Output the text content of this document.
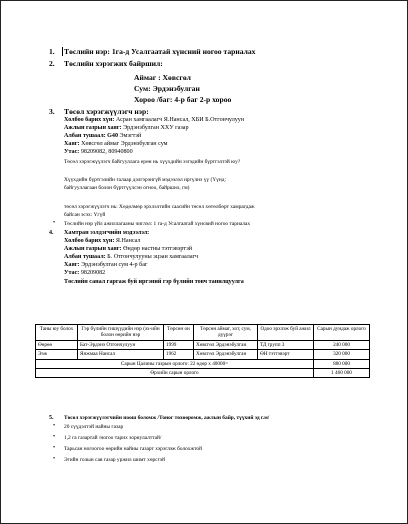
1. Төслийн нэр: 1га-д Усалгаатай хүнсний ногоо тариалах
2. Төслийн хэрэгжих байршил:
Аймаг : Хөвсгөл
Сум: Эрдэнэбулган
Хороо /баг: 4-р баг 2-р хороо
3. Төсөл хэрэгжүүлэгч нэр:
Холбоо барих хүн: Асран хамгаалагч Я.Нансал, ХБИ Б.Отгончулуун
Ажлын газрын хаяг: Эрдэнэбулган ХХУ газар
Албан тушаал: G40 Эмэгтэй
Хаяг: Хөвсгөл аймаг Эрдэнэбулган сум
Утас: 98209082, 80940800
Төсөл хэрэгжүүлэгч байгууллага ерөн нь хүүхдийн эзгэдийн бүртгэлтэй юу?
Хүүхдийн бүртгэлийн талаар дэлгэрэнгүй мэдээлэл иргүлнэ үү (Үүнд:
байгууллагаан болон бүртгүүлсэн огноо, байршил, гм)
төсөл хэрэгжүүлэгч нь: Хөдөлмөр эрхлэлтийн саасийн төсөл хөтөлбөрт хамрагдаж
байсан эсэх: Үгүй
• Төслийн нэр үйл ажиллагааны чиглэл: 1 га-д Усалгаатай хүнсвий ногоо тариалах
4. Хамтран ээлдэгчийн мэдээлэл:
Холбоо барих хүн: Я.Нансал
Ажлын газрын хаяг: Өндөр настны тэтгэвэртэй
Албан тушаал: Б. Отгончулууны эцэан хамгаалагч
Хаяг: Эрдэнэбулган сум 4-р баг
Утас: 98209082
Төслийн санал гаргаж буй иргэний гэр бүлийн товч танилцуулга
Таны юу болох	Гэр бүлийн гишүүдийн нэр (эх-ийн болон өөрийн нэр	Төрсөн он	Төрсөн аймаг, хот, сум, дүүрэг	Одоо эрхлэж буй ажил	Сарын дундаж орлого
Өөрөө	Бат-Эрдэнэ Отгончулуун	1999	Хөвсгөл Эрдэнэбулган	ТД групп 3	240 000
Ээж	Янжмаа Нансал	1962	Хөвсгөл Эрдэнэбулган	ӨН тэтгэвэрт	320 000
Сарын Цалины газрын орлого: 22 өдөр х 40000=					880 000
Өрхийн сарын орлого					1 460 000
5. Төсөл хэрэгжүүлэгчийн ноош боломж /Тоног төхөөрөмж, ажлын байр, түүхий эд г.м/
• 20 сүүдэлтэй найны газар
• 1,2 га газартай /ногоо тарих зориулалттай/
• Тарьсан ногоогоо өөрийн найны газарт хэрэглэж болохжтой
• Эгийн голын сав газар уржил шимт хөрсгэй
